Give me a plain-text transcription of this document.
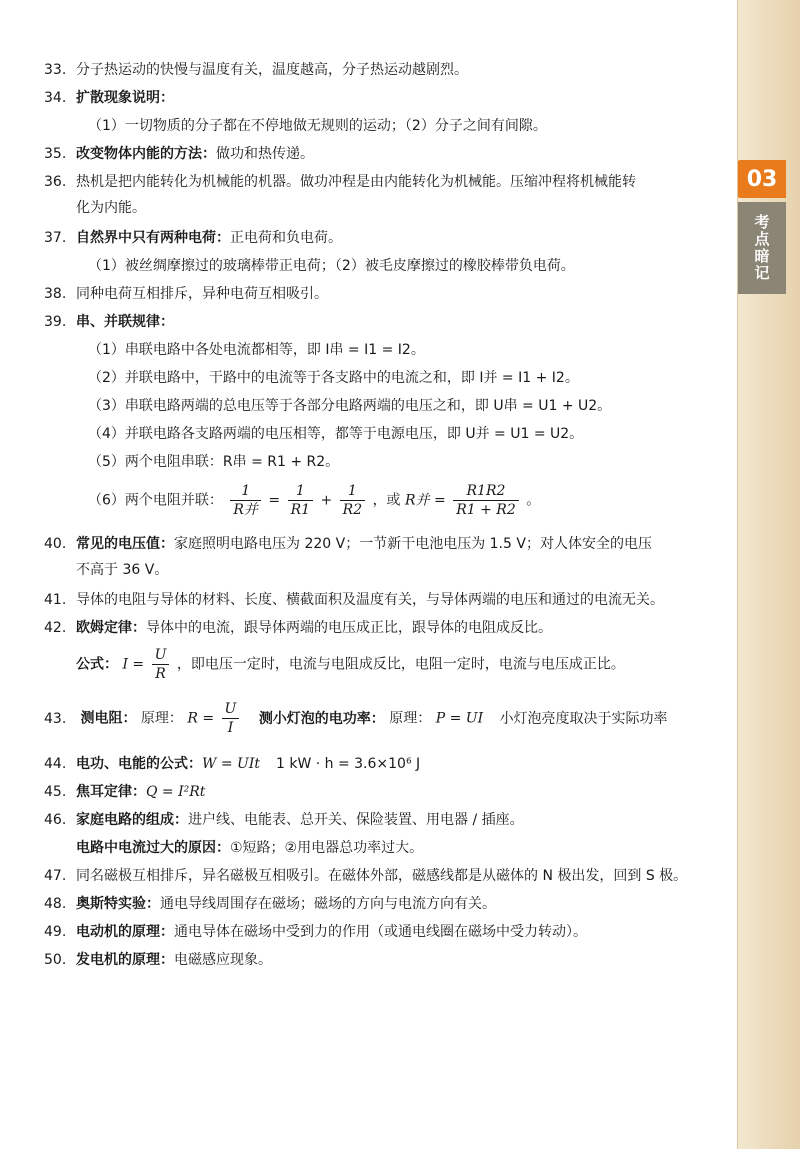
03
考点暗记
33. 分子热运动的快慢与温度有关，温度越高，分子热运动越剧烈。
34. 扩散现象说明：
（1）一切物质的分子都在不停地做无规则的运动；（2）分子之间有间隙。
35. 改变物体内能的方法：做功和热传递。
36. 热机是把内能转化为机械能的机器。做功冲程是由内能转化为机械能。压缩冲程将机械能转
化为内能。
37. 自然界中只有两种电荷：正电荷和负电荷。
（1）被丝绸摩擦过的玻璃棒带正电荷；（2）被毛皮摩擦过的橡胶棒带负电荷。
38. 同种电荷互相排斥，异种电荷互相吸引。
39. 串、并联规律：
（1）串联电路中各处电流都相等，即 I串 = I1 = I2。
（2）并联电路中，干路中的电流等于各支路中的电流之和，即 I并 = I1 + I2。
（3）串联电路两端的总电压等于各部分电路两端的电压之和，即 U串 = U1 + U2。
（4）并联电路各支路两端的电压相等，都等于电源电压，即 U并 = U1 = U2。
（5）两个电阻串联：R串 = R1 + R2。
（6）两个电阻并联： $\frac{1}{\text{R并}} = \frac{1}{R1} + \frac{1}{R2}$ ，或 R并 = $\frac{R1R2}{R1 + R2}$ 。
40. 常见的电压值：家庭照明电路电压为 220 V；一节新干电池电压为 1.5 V；对人体安全的电压
不高于 36 V。
41. 导体的电阻与导体的材料、长度、横截面积及温度有关，与导体两端的电压和通过的电流无关。
42. 欧姆定律：导体中的电流，跟导体两端的电压成正比，跟导体的电阻成反比。
公式： $I = \frac{U}{R}$ ，即电压一定时，电流与电阻成反比，电阻一定时，电流与电压成正比。
43. 测电阻： 原理： $R = \frac{U}{I}$ 测小灯泡的电功率： 原理： P = UI 小灯泡亮度取决于实际功率
44. 电功、电能的公式：W = UIt 1 kW · h = 3.6×10⁶ J
45. 焦耳定律：Q = I²Rt
46. 家庭电路的组成：进户线、电能表、总开关、保险装置、用电器 / 插座。
电路中电流过大的原因：①短路；②用电器总功率过大。
47. 同名磁极互相排斥，异名磁极互相吸引。在磁体外部，磁感线都是从磁体的 N 极出发，回到 S 极。
48. 奥斯特实验：通电导线周围存在磁场；磁场的方向与电流方向有关。
49. 电动机的原理：通电导体在磁场中受到力的作用（或通电线圈在磁场中受力转动）。
50. 发电机的原理：电磁感应现象。
